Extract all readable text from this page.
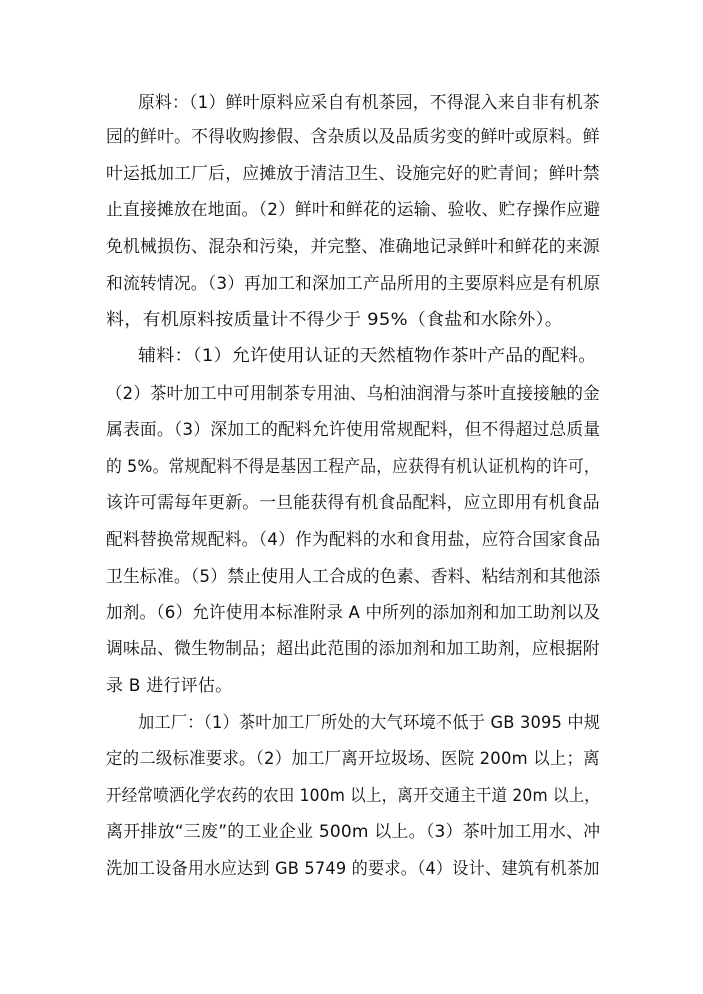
原料：（1）鲜叶原料应采自有机茶园，不得混入来自非有机茶
园的鲜叶。不得收购掺假、含杂质以及品质劣变的鲜叶或原料。鲜
叶运抵加工厂后，应摊放于清洁卫生、设施完好的贮青间；鲜叶禁
止直接摊放在地面。（2）鲜叶和鲜花的运输、验收、贮存操作应避
免机械损伤、混杂和污染，并完整、准确地记录鲜叶和鲜花的来源
和流转情况。（3）再加工和深加工产品所用的主要原料应是有机原
料，有机原料按质量计不得少于 95%（食盐和水除外）。
辅料：（1）允许使用认证的天然植物作茶叶产品的配料。
（2）茶叶加工中可用制茶专用油、乌桕油润滑与茶叶直接接触的金
属表面。（3）深加工的配料允许使用常规配料，但不得超过总质量
的 5%。常规配料不得是基因工程产品，应获得有机认证机构的许可，
该许可需每年更新。一旦能获得有机食品配料，应立即用有机食品
配料替换常规配料。（4）作为配料的水和食用盐，应符合国家食品
卫生标准。（5）禁止使用人工合成的色素、香料、粘结剂和其他添
加剂。（6）允许使用本标准附录 A 中所列的添加剂和加工助剂以及
调味品、微生物制品；超出此范围的添加剂和加工助剂，应根据附
录 B 进行评估。
加工厂：（1）茶叶加工厂所处的大气环境不低于 GB 3095 中规
定的二级标准要求。（2）加工厂离开垃圾场、医院 200m 以上；离
开经常喷洒化学农药的农田 100m 以上，离开交通主干道 20m 以上，
离开排放“三废”的工业企业 500m 以上。（3）茶叶加工用水、冲
洗加工设备用水应达到 GB 5749 的要求。（4）设计、建筑有机茶加
